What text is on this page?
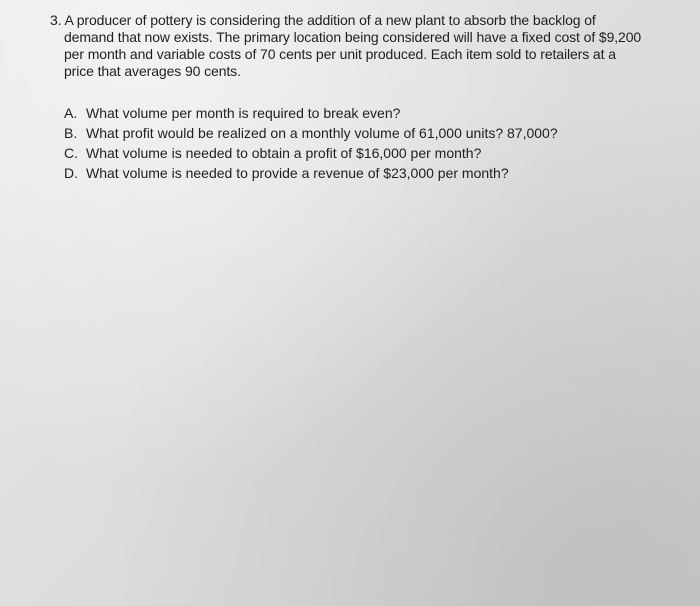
3. A producer of pottery is considering the addition of a new plant to absorb the backlog of

demand that now exists. The primary location being considered will have a fixed cost of $9,200

per month and variable costs of 70 cents per unit produced. Each item sold to retailers at a

price that averages 90 cents.

A. What volume per month is required to break even?

B. What profit would be realized on a monthly volume of 61,000 units? 87,000?

C. What volume is needed to obtain a profit of $16,000 per month?

D. What volume is needed to provide a revenue of $23,000 per month?
